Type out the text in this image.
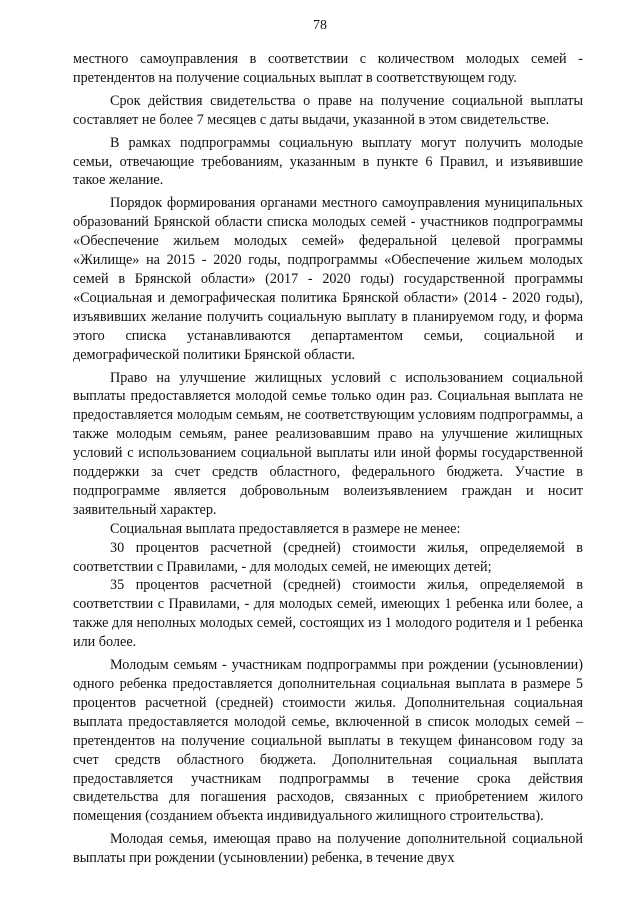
78

местного самоуправления в соответствии с количеством молодых семей - претендентов на получение социальных выплат в соответствующем году.

Срок действия свидетельства о праве на получение социальной выплаты составляет не более 7 месяцев с даты выдачи, указанной в этом свидетельстве.

В рамках подпрограммы социальную выплату могут получить молодые семьи, отвечающие требованиям, указанным в пункте 6 Правил, и изъявившие такое желание.

Порядок формирования органами местного самоуправления муниципальных образований Брянской области списка молодых семей - участников подпрограммы «Обеспечение жильем молодых семей» федеральной целевой программы «Жилище» на 2015 - 2020 годы, подпрограммы «Обеспечение жильем молодых семей в Брянской области» (2017 - 2020 годы) государственной программы «Социальная и демографическая политика Брянской области» (2014 - 2020 годы), изъявивших желание получить социальную выплату в планируемом году, и форма этого списка устанавливаются департаментом семьи, социальной и демографической политики Брянской области.

Право на улучшение жилищных условий с использованием социальной выплаты предоставляется молодой семье только один раз. Социальная выплата не предоставляется молодым семьям, не соответствующим условиям подпрограммы, а также молодым семьям, ранее реализовавшим право на улучшение жилищных условий с использованием социальной выплаты или иной формы государственной поддержки за счет средств областного, федерального бюджета. Участие в подпрограмме является добровольным волеизъявлением граждан и носит заявительный характер.

Социальная выплата предоставляется в размере не менее:

30 процентов расчетной (средней) стоимости жилья, определяемой в соответствии с Правилами, - для молодых семей, не имеющих детей;

35 процентов расчетной (средней) стоимости жилья, определяемой в соответствии с Правилами, - для молодых семей, имеющих 1 ребенка или более, а также для неполных молодых семей, состоящих из 1 молодого родителя и 1 ребенка или более.

Молодым семьям - участникам подпрограммы при рождении (усыновлении) одного ребенка предоставляется дополнительная социальная выплата в размере 5 процентов расчетной (средней) стоимости жилья. Дополнительная социальная выплата предоставляется молодой семье, включенной в список молодых семей – претендентов на получение социальной выплаты в текущем финансовом году за счет средств областного бюджета. Дополнительная социальная выплата предоставляется участникам подпрограммы в течение срока действия свидетельства для погашения расходов, связанных с приобретением жилого помещения (созданием объекта индивидуального жилищного строительства).

Молодая семья, имеющая право на получение дополнительной социальной выплаты при рождении (усыновлении) ребенка, в течение двух
